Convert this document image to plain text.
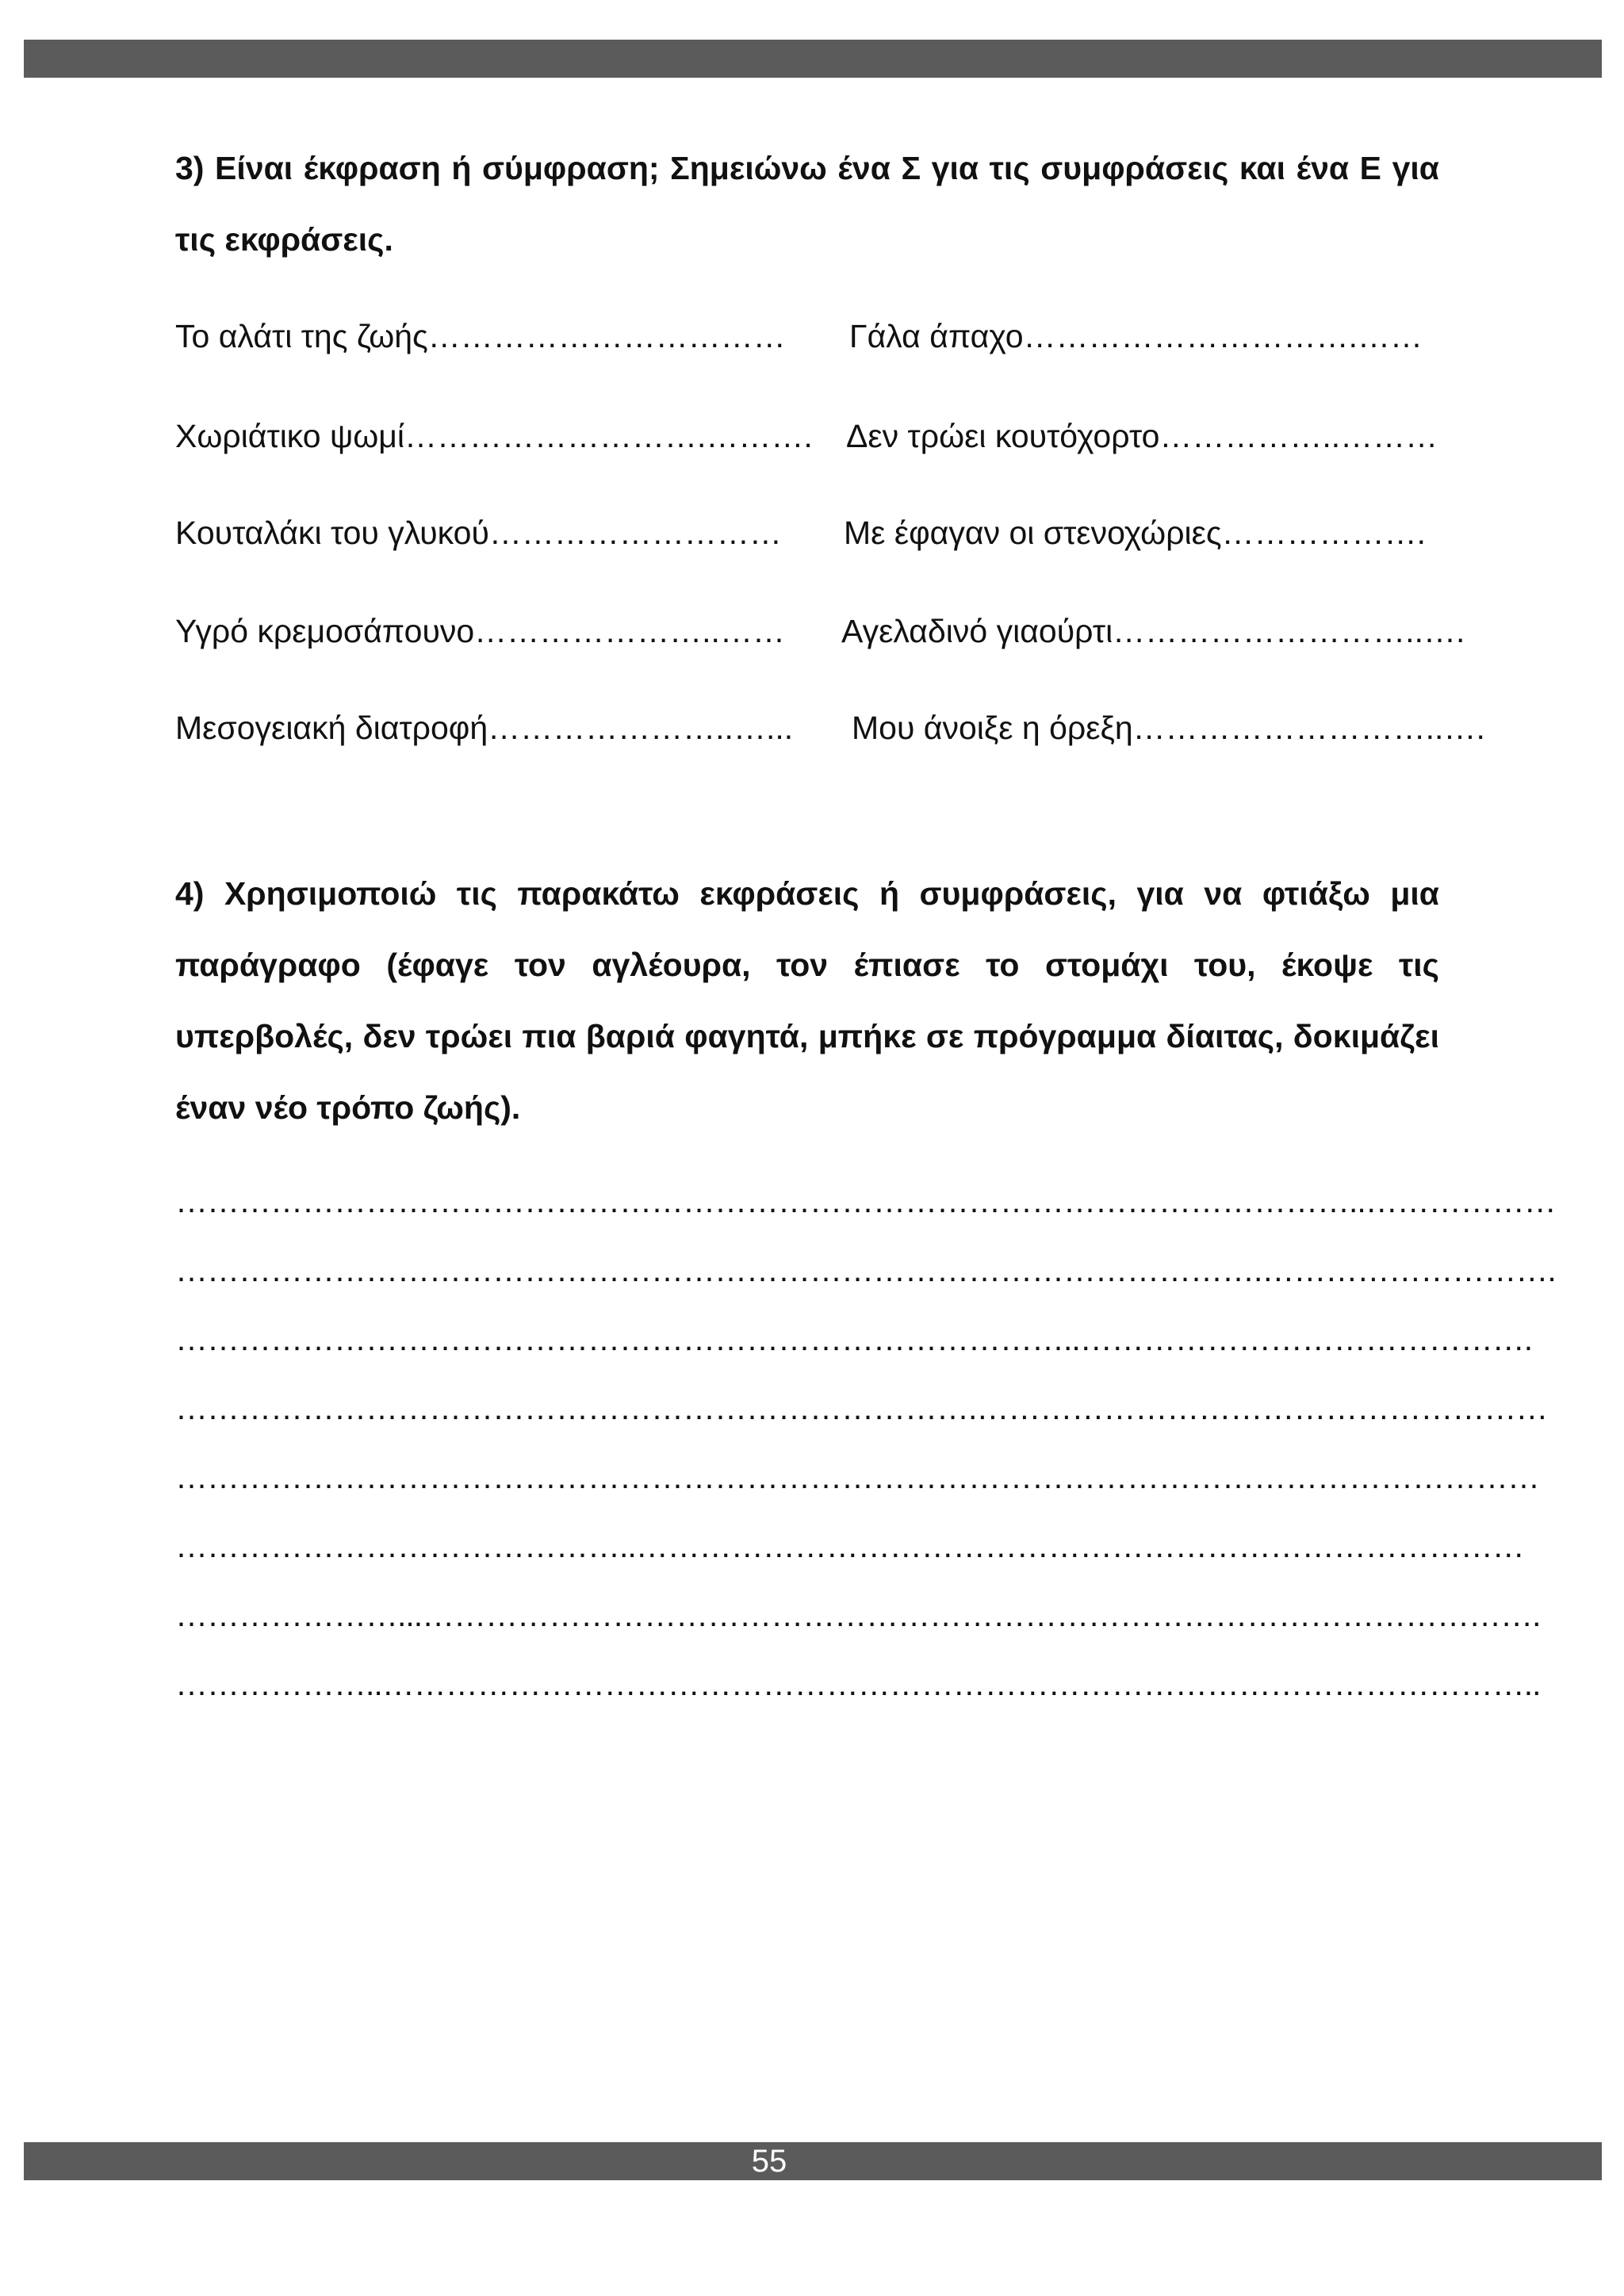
3) Είναι έκφραση ή σύμφραση; Σημειώνω ένα Σ για τις συμφράσεις και ένα Ε για τις εκφράσεις.
Το αλάτι της ζωής…………………………… Γάλα άπαχο………………………….……
Χωριάτικο ψωμί……………………….………. Δεν τρώει κουτόχορτο……………..………
Κουταλάκι του γλυκού……………………… Με έφαγαν οι στενοχώριες……………….
Υγρό κρεμοσάπουνο…………………..…… Αγελαδινό γιαούρτι………………………..….
Μεσογειακή διατροφή…………………..…... Μου άνοιξε η όρεξη………………………..….
4) Χρησιμοποιώ τις παρακάτω εκφράσεις ή συμφράσεις, για να φτιάξω μια παράγραφο (έφαγε τον αγλέουρα, τον έπιασε το στομάχι του, έκοψε τις υπερβολές, δεν τρώει πια βαριά φαγητά, μπήκε σε πρόγραμμα δίαιτας, δοκιμάζει έναν νέο τρόπο ζωής).
…………………………………………………………………………………………………..………………
………………………………………………………………………………………….……………………….
…………………………………………………………………………..…………………………………….
………………………………………………………………….………………………………………………
…………………………………………………………………………………………………………………
……………………………………..…………………………………………………………………………
…………………...…………………………………………………………………………………………….
………………..………………………………………………………………………………………………..
55
